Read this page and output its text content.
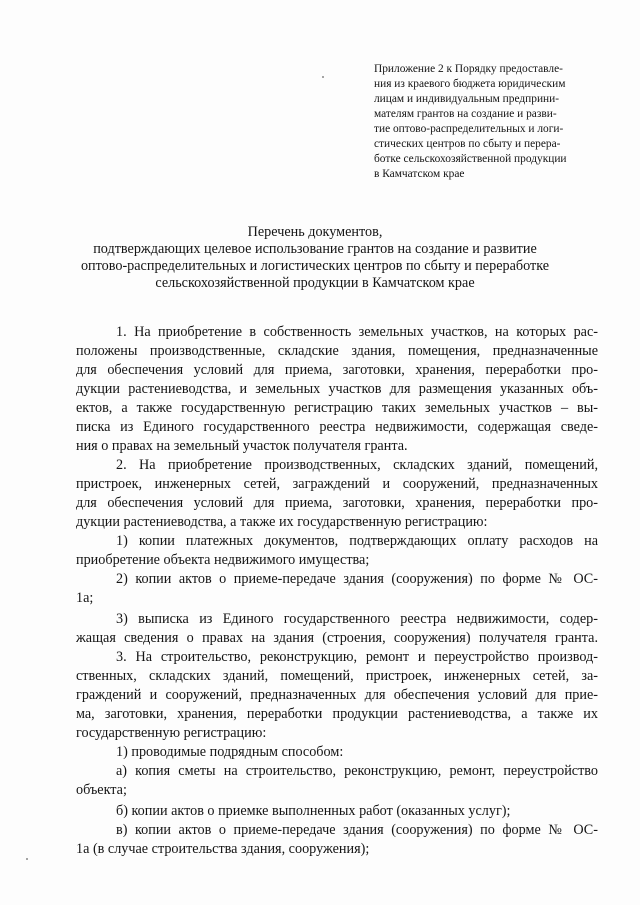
Приложение 2 к Порядку предоставле-
ния из краевого бюджета юридическим
лицам и индивидуальным предприни-
мателям грантов на создание и разви-
тие оптово-распределительных и логи-
стических центров по сбыту и перера-
ботке сельскохозяйственной продукции
в Камчатском крае
Перечень документов,
подтверждающих целевое использование грантов на создание и развитие
оптово-распределительных и логистических центров по сбыту и переработке
сельскохозяйственной продукции в Камчатском крае
1. На приобретение в собственность земельных участков, на которых рас-
положены производственные, складские здания, помещения, предназначенные
для обеспечения условий для приема, заготовки, хранения, переработки про-
дукции растениеводства, и земельных участков для размещения указанных объ-
ектов, а также государственную регистрацию таких земельных участков – вы-
писка из Единого государственного реестра недвижимости, содержащая сведе-
ния о правах на земельный участок получателя гранта.
2. На приобретение производственных, складских зданий, помещений,
пристроек, инженерных сетей, заграждений и сооружений, предназначенных
для обеспечения условий для приема, заготовки, хранения, переработки про-
дукции растениеводства, а также их государственную регистрацию:
1) копии платежных документов, подтверждающих оплату расходов на
приобретение объекта недвижимого имущества;
2) копии актов о приеме-передаче здания (сооружения) по форме № ОС-
1а;
3) выписка из Единого государственного реестра недвижимости, содер-
жащая сведения о правах на здания (строения, сооружения) получателя гранта.
3. На строительство, реконструкцию, ремонт и переустройство производ-
ственных, складских зданий, помещений, пристроек, инженерных сетей, за-
граждений и сооружений, предназначенных для обеспечения условий для прие-
ма, заготовки, хранения, переработки продукции растениеводства, а также их
государственную регистрацию:
1) проводимые подрядным способом:
а) копия сметы на строительство, реконструкцию, ремонт, переустройство
объекта;
б) копии актов о приемке выполненных работ (оказанных услуг);
в) копии актов о приеме-передаче здания (сооружения) по форме № ОС-
1а (в случае строительства здания, сооружения);
